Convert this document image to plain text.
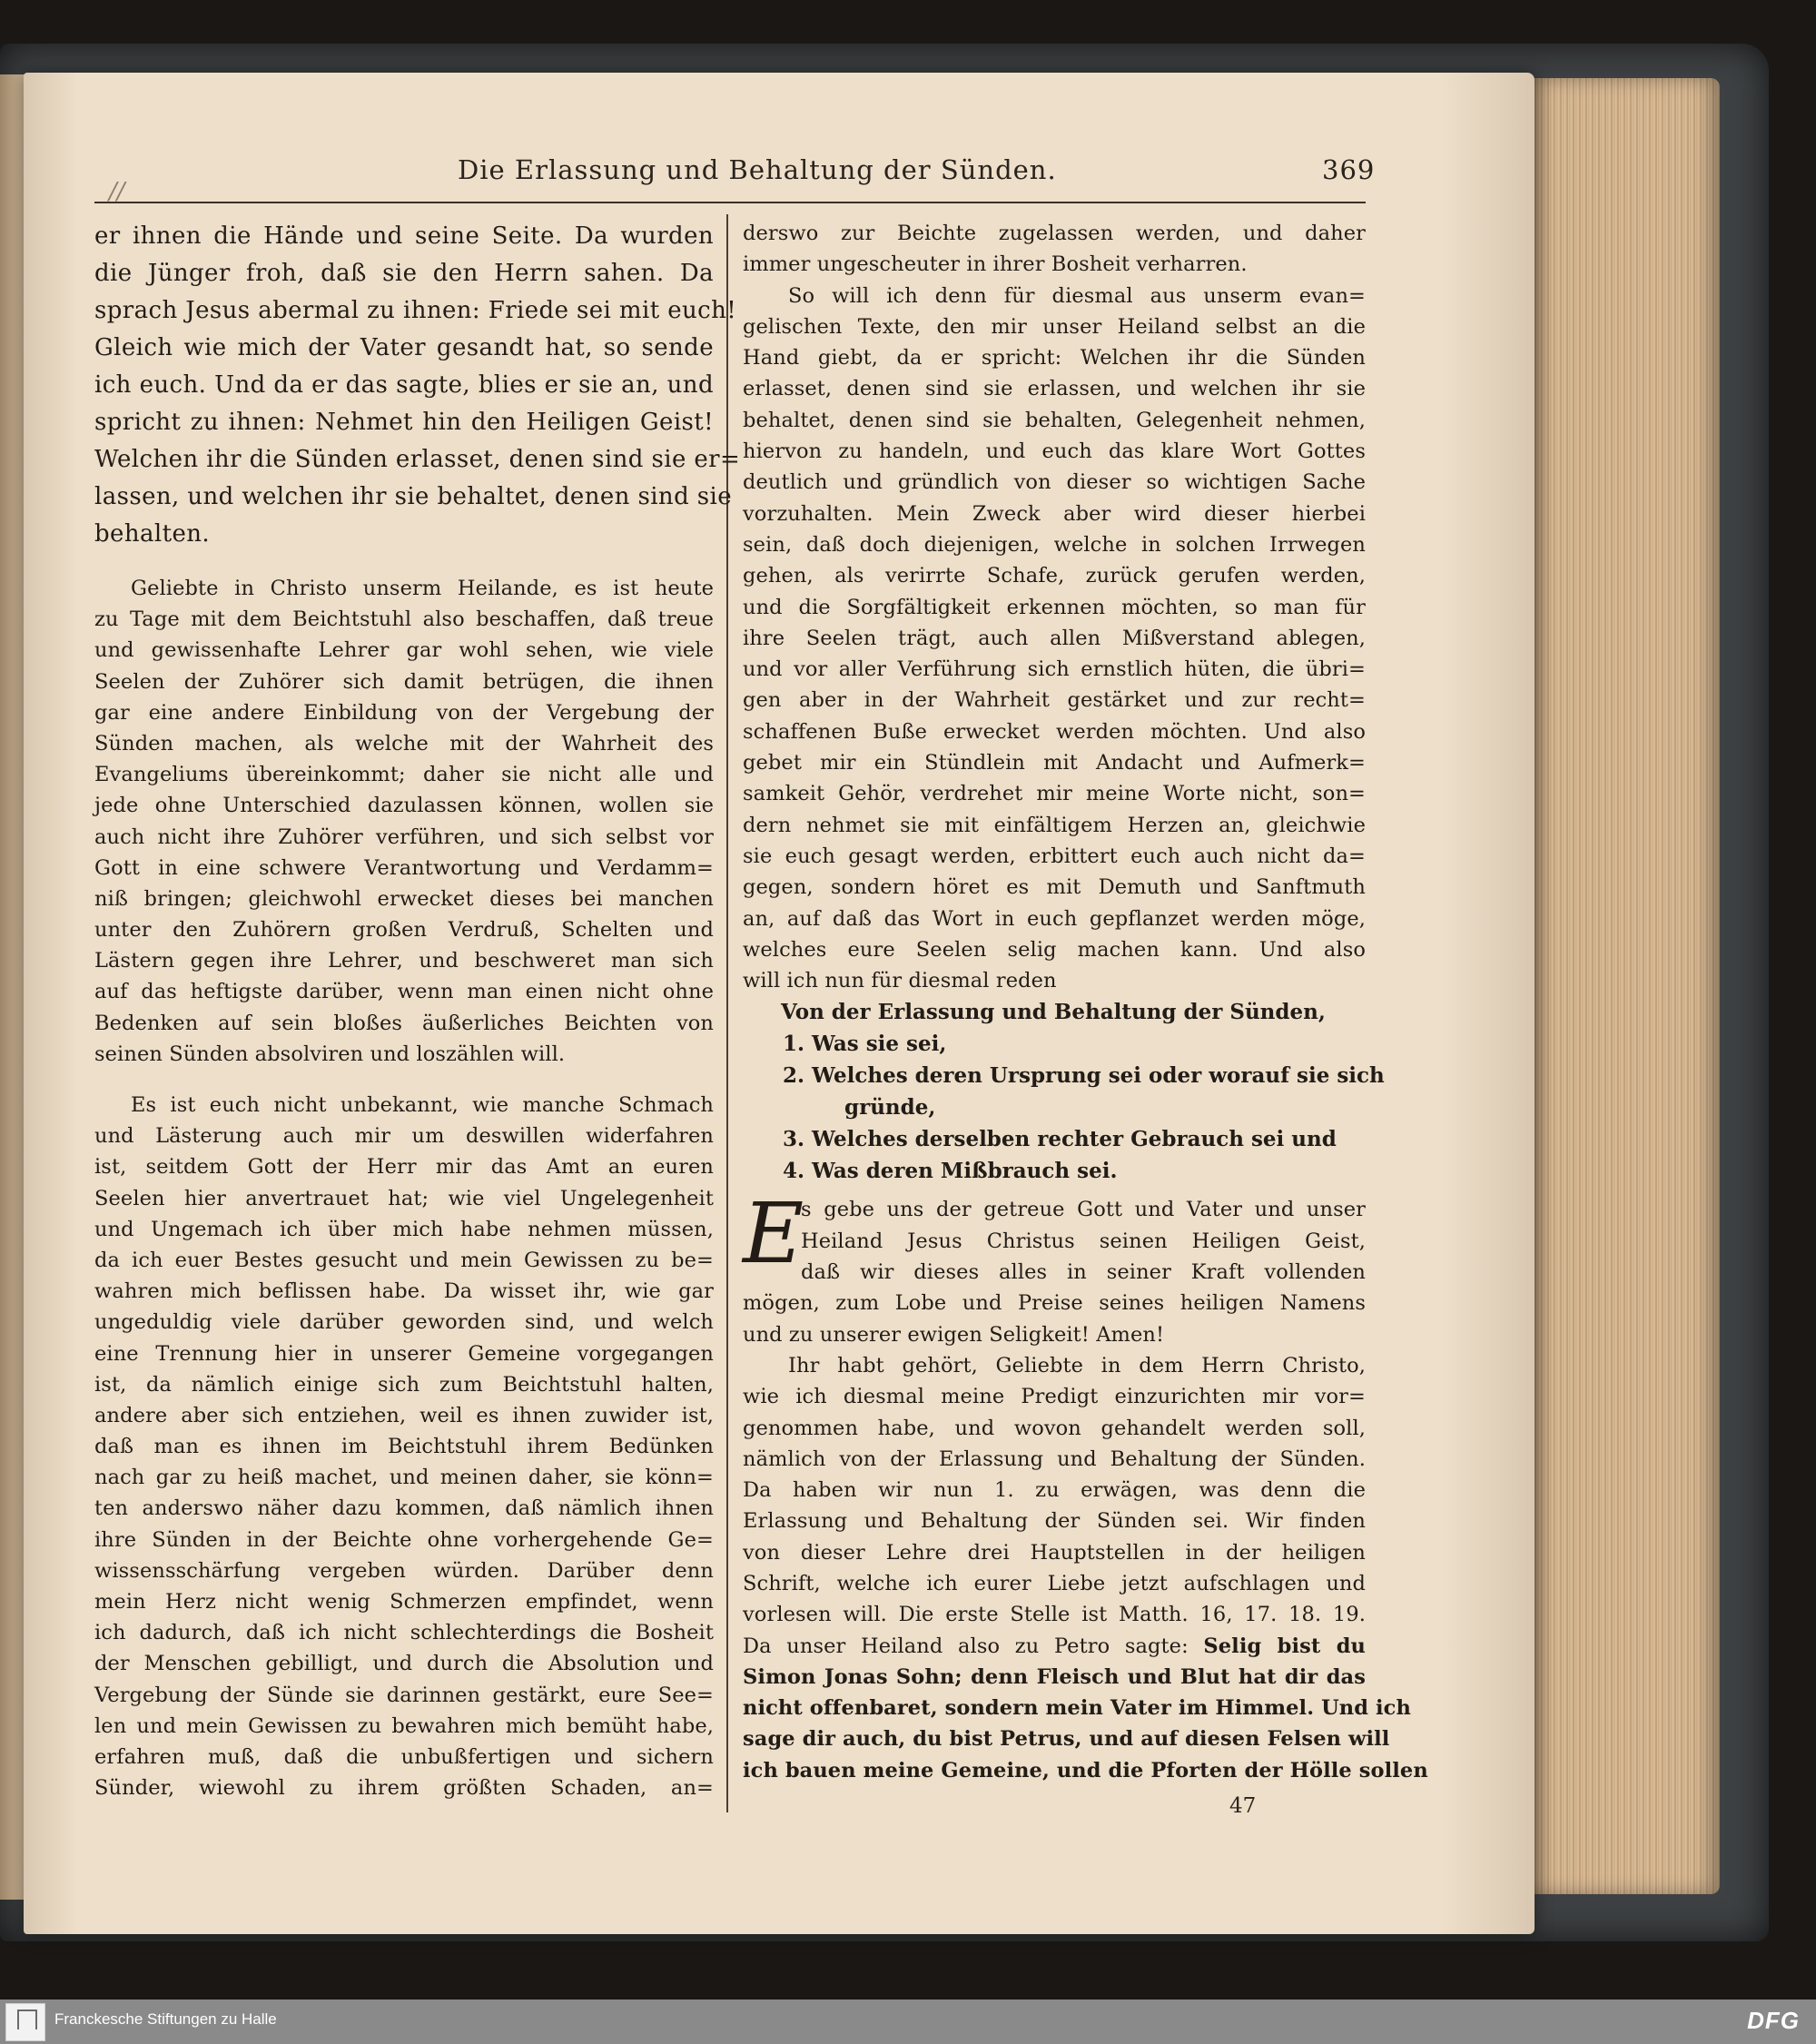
//
Die Erlassung und Behaltung der Sünden.	369

er ihnen die Hände und seine Seite. Da wurden
die Jünger froh, daß sie den Herrn sahen. Da
sprach Jesus abermal zu ihnen: Friede sei mit euch!
Gleich wie mich der Vater gesandt hat, so sende
ich euch. Und da er das sagte, blies er sie an, und
spricht zu ihnen: Nehmet hin den Heiligen Geist!
Welchen ihr die Sünden erlasset, denen sind sie er=
lassen, und welchen ihr sie behaltet, denen sind sie
behalten.

Geliebte in Christo unserm Heilande, es ist heute
zu Tage mit dem Beichtstuhl also beschaffen, daß treue
und gewissenhafte Lehrer gar wohl sehen, wie viele
Seelen der Zuhörer sich damit betrügen, die ihnen
gar eine andere Einbildung von der Vergebung der
Sünden machen, als welche mit der Wahrheit des
Evangeliums übereinkommt; daher sie nicht alle und
jede ohne Unterschied dazulassen können, wollen sie
auch nicht ihre Zuhörer verführen, und sich selbst vor
Gott in eine schwere Verantwortung und Verdamm=
niß bringen; gleichwohl erwecket dieses bei manchen
unter den Zuhörern großen Verdruß, Schelten und
Lästern gegen ihre Lehrer, und beschweret man sich
auf das heftigste darüber, wenn man einen nicht ohne
Bedenken auf sein bloßes äußerliches Beichten von
seinen Sünden absolviren und loszählen will.

Es ist euch nicht unbekannt, wie manche Schmach
und Lästerung auch mir um deswillen widerfahren
ist, seitdem Gott der Herr mir das Amt an euren
Seelen hier anvertrauet hat; wie viel Ungelegenheit
und Ungemach ich über mich habe nehmen müssen,
da ich euer Bestes gesucht und mein Gewissen zu be=
wahren mich beflissen habe. Da wisset ihr, wie gar
ungeduldig viele darüber geworden sind, und welch
eine Trennung hier in unserer Gemeine vorgegangen
ist, da nämlich einige sich zum Beichtstuhl halten,
andere aber sich entziehen, weil es ihnen zuwider ist,
daß man es ihnen im Beichtstuhl ihrem Bedünken
nach gar zu heiß machet, und meinen daher, sie könn=
ten anderswo näher dazu kommen, daß nämlich ihnen
ihre Sünden in der Beichte ohne vorhergehende Ge=
wissensschärfung vergeben würden. Darüber denn
mein Herz nicht wenig Schmerzen empfindet, wenn
ich dadurch, daß ich nicht schlechterdings die Bosheit
der Menschen gebilligt, und durch die Absolution und
Vergebung der Sünde sie darinnen gestärkt, eure See=
len und mein Gewissen zu bewahren mich bemüht habe,
erfahren muß, daß die unbußfertigen und sichern
Sünder, wiewohl zu ihrem größten Schaden, an=

derswo zur Beichte zugelassen werden, und daher
immer ungescheuter in ihrer Bosheit verharren.

So will ich denn für diesmal aus unserm evan=
gelischen Texte, den mir unser Heiland selbst an die
Hand giebt, da er spricht: Welchen ihr die Sünden
erlasset, denen sind sie erlassen, und welchen ihr sie
behaltet, denen sind sie behalten, Gelegenheit nehmen,
hiervon zu handeln, und euch das klare Wort Gottes
deutlich und gründlich von dieser so wichtigen Sache
vorzuhalten. Mein Zweck aber wird dieser hierbei
sein, daß doch diejenigen, welche in solchen Irrwegen
gehen, als verirrte Schafe, zurück gerufen werden,
und die Sorgfältigkeit erkennen möchten, so man für
ihre Seelen trägt, auch allen Mißverstand ablegen,
und vor aller Verführung sich ernstlich hüten, die übri=
gen aber in der Wahrheit gestärket und zur recht=
schaffenen Buße erwecket werden möchten. Und also
gebet mir ein Stündlein mit Andacht und Aufmerk=
samkeit Gehör, verdrehet mir meine Worte nicht, son=
dern nehmet sie mit einfältigem Herzen an, gleichwie
sie euch gesagt werden, erbittert euch auch nicht da=
gegen, sondern höret es mit Demuth und Sanftmuth
an, auf daß das Wort in euch gepflanzet werden möge,
welches eure Seelen selig machen kann. Und also
will ich nun für diesmal reden

Von der Erlassung und Behaltung der Sünden,
1. Was sie sei,
2. Welches deren Ursprung sei oder worauf sie sich
gründe,
3. Welches derselben rechter Gebrauch sei und
4. Was deren Mißbrauch sei.

E

s gebe uns der getreue Gott und Vater und unser
Heiland Jesus Christus seinen Heiligen Geist,
daß wir dieses alles in seiner Kraft vollenden
mögen, zum Lobe und Preise seines heiligen Namens
und zu unserer ewigen Seligkeit! Amen!

Ihr habt gehört, Geliebte in dem Herrn Christo,
wie ich diesmal meine Predigt einzurichten mir vor=
genommen habe, und wovon gehandelt werden soll,
nämlich von der Erlassung und Behaltung der Sünden.
Da haben wir nun 1. zu erwägen, was denn die
Erlassung und Behaltung der Sünden sei. Wir finden
von dieser Lehre drei Hauptstellen in der heiligen
Schrift, welche ich eurer Liebe jetzt aufschlagen und
vorlesen will. Die erste Stelle ist Matth. 16, 17. 18. 19.
Da unser Heiland also zu Petro sagte: Selig bist du
Simon Jonas Sohn; denn Fleisch und Blut hat dir das
nicht offenbaret, sondern mein Vater im Himmel. Und ich
sage dir auch, du bist Petrus, und auf diesen Felsen will
ich bauen meine Gemeine, und die Pforten der Hölle sollen

47
Franckesche Stiftungen zu Halle	DFG
